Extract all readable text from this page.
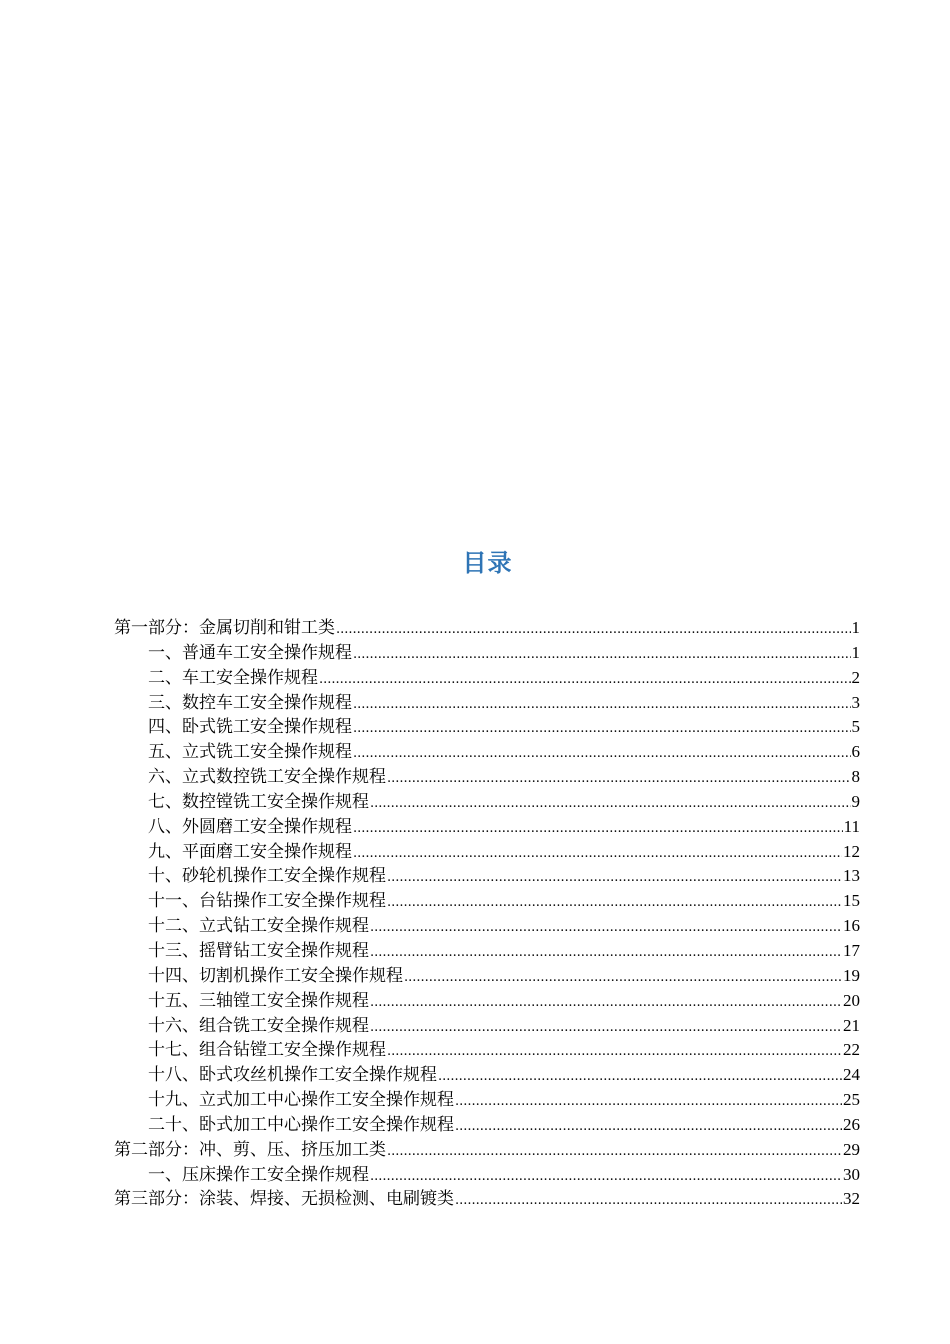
目录
第一部分：金属切削和钳工类 .....	1
一、普通车工安全操作规程 .....	1
二、车工安全操作规程 .....	2
三、数控车工安全操作规程 .....	3
四、卧式铣工安全操作规程 .....	5
五、立式铣工安全操作规程 .....	6
六、立式数控铣工安全操作规程 .....	8
七、数控镗铣工安全操作规程 .....	9
八、外圆磨工安全操作规程 .....	11
九、平面磨工安全操作规程 .....	12
十、砂轮机操作工安全操作规程 .....	13
十一、台钻操作工安全操作规程 .....	15
十二、立式钻工安全操作规程 .....	16
十三、摇臂钻工安全操作规程 .....	17
十四、切割机操作工安全操作规程 .....	19
十五、三轴镗工安全操作规程 .....	20
十六、组合铣工安全操作规程 .....	21
十七、组合钻镗工安全操作规程 .....	22
十八、卧式攻丝机操作工安全操作规程 .....	24
十九、立式加工中心操作工安全操作规程 .....	25
二十、卧式加工中心操作工安全操作规程 .....	26
第二部分：冲、剪、压、挤压加工类 .....	29
一、压床操作工安全操作规程 .....	30
第三部分：涂装、焊接、无损检测、电刷镀类 .....	32
